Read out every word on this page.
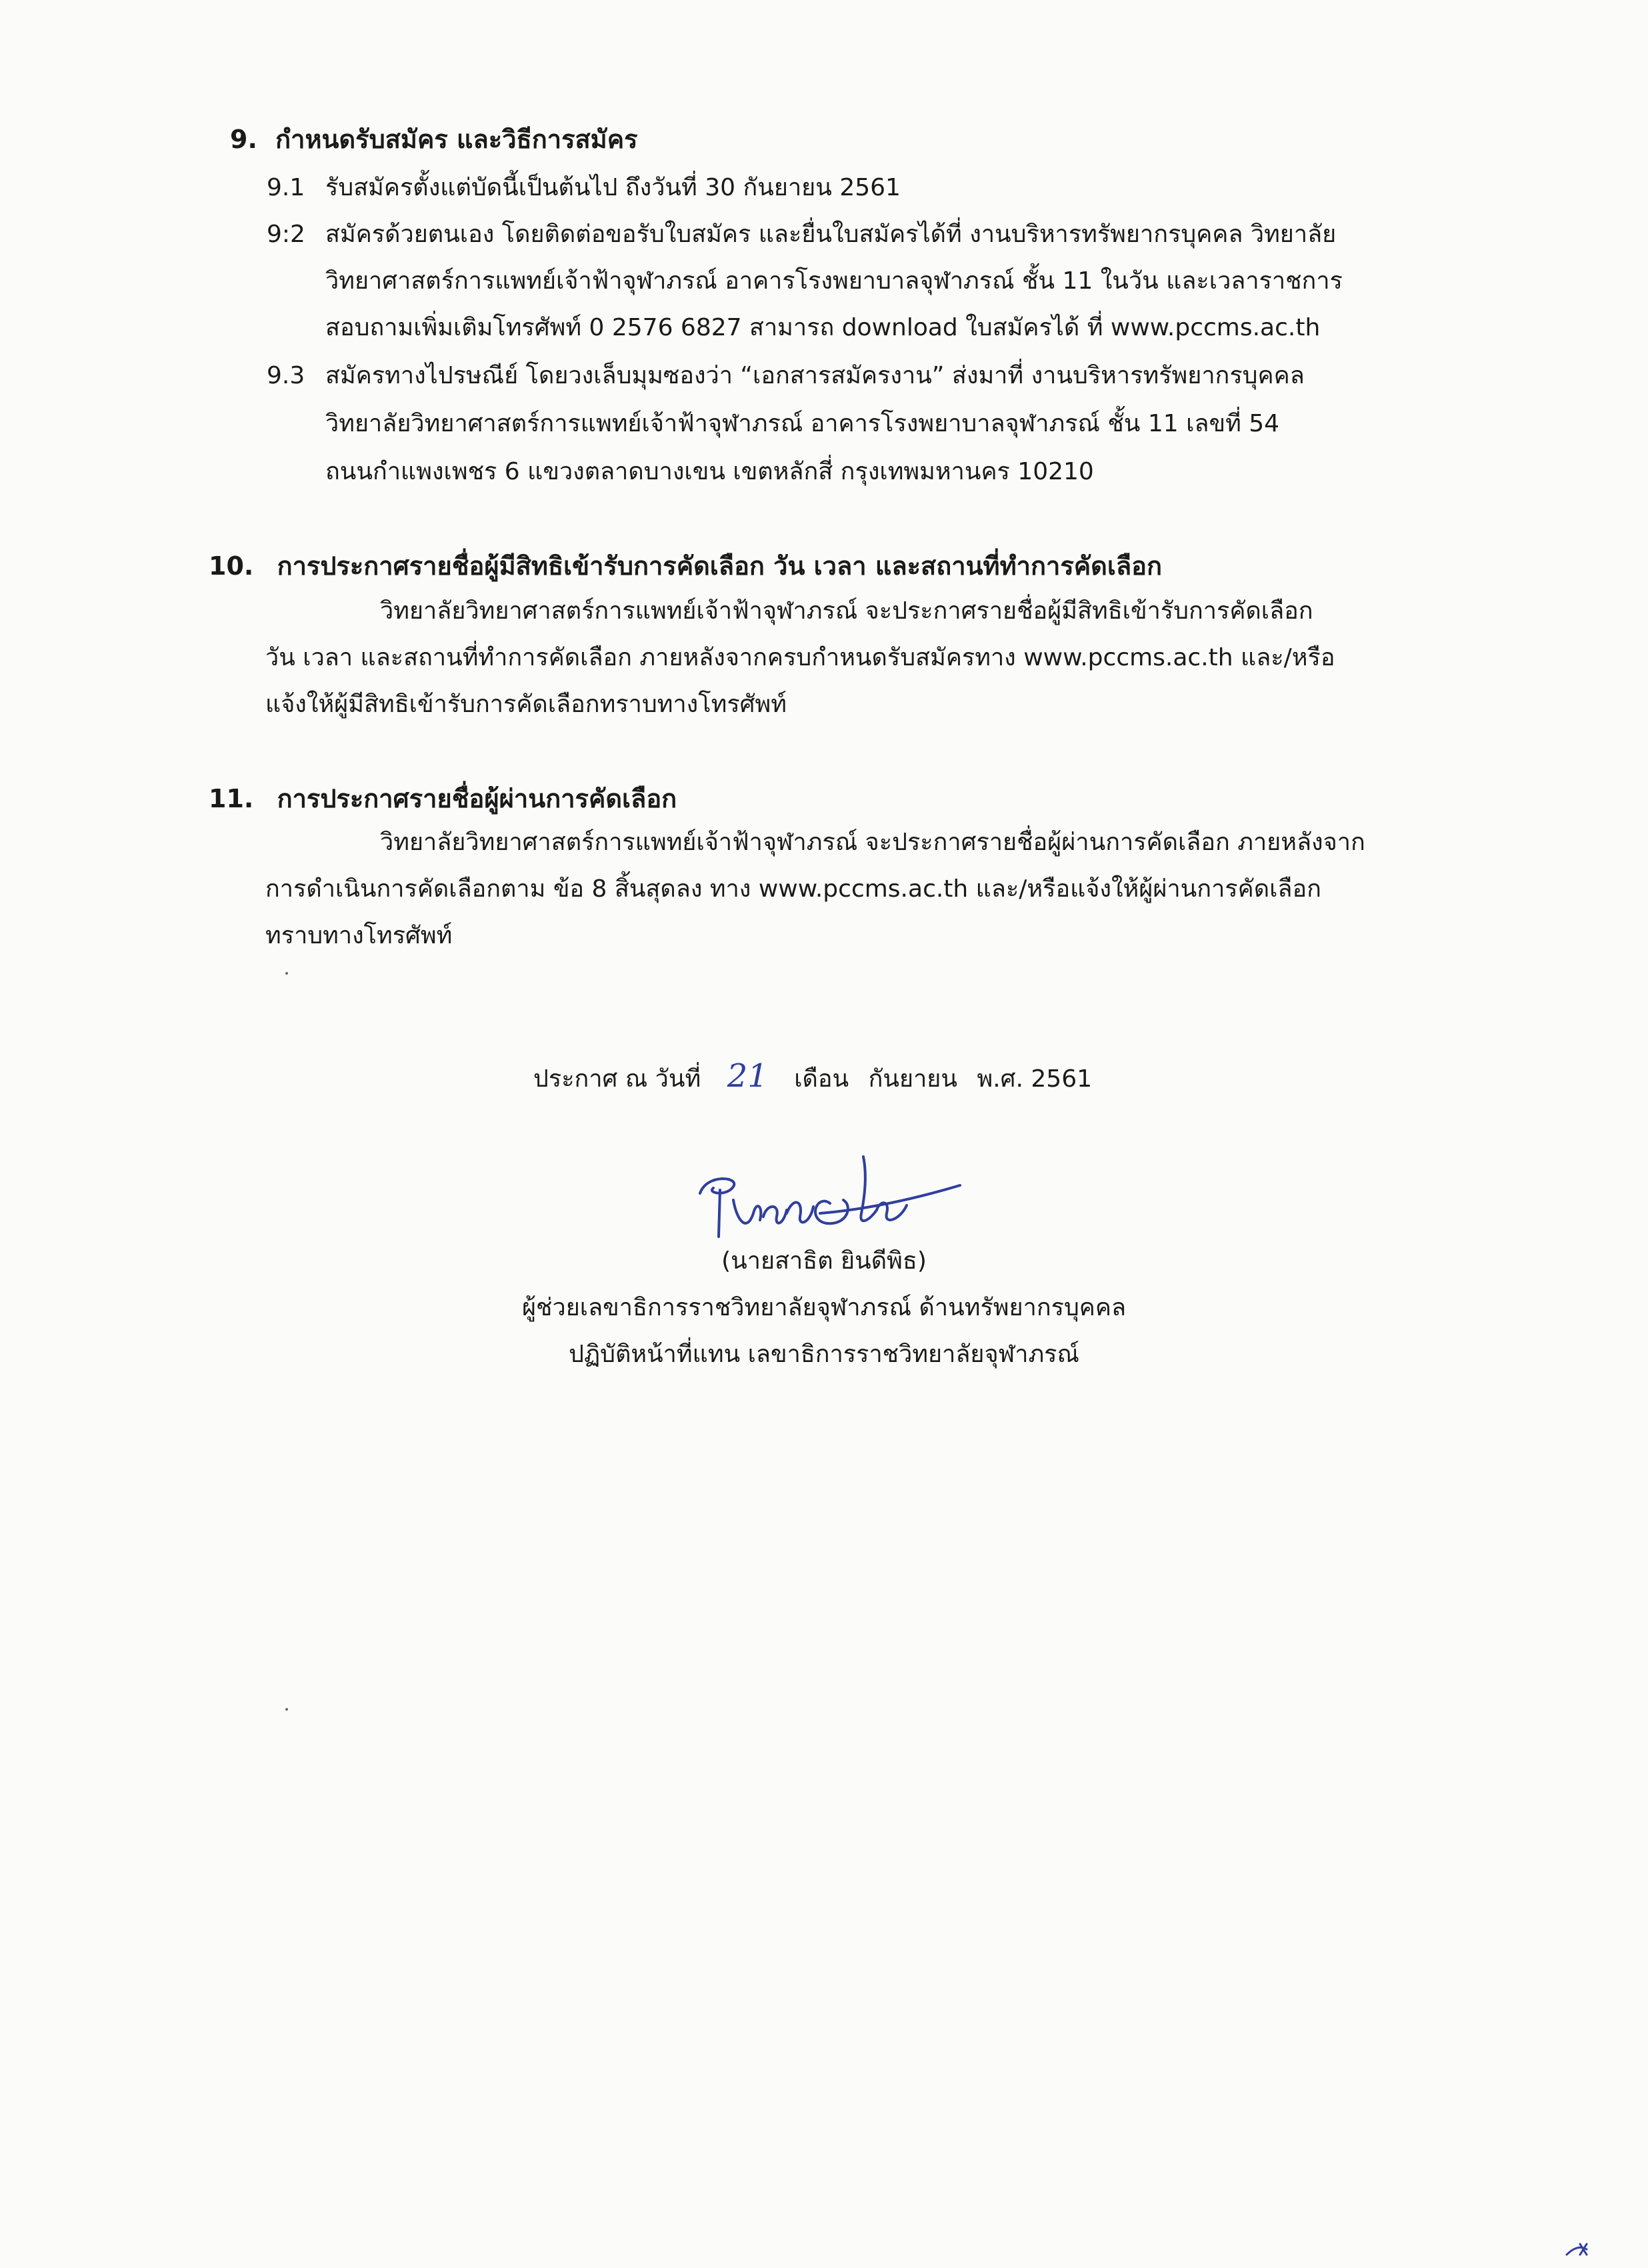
9. กำหนดรับสมัคร และวิธีการสมัคร
9.1 รับสมัครตั้งแต่บัดนี้เป็นต้นไป ถึงวันที่ 30 กันยายน 2561
9:2 สมัครด้วยตนเอง โดยติดต่อขอรับใบสมัคร และยื่นใบสมัครได้ที่ งานบริหารทรัพยากรบุคคล วิทยาลัย
วิทยาศาสตร์การแพทย์เจ้าฟ้าจุฬาภรณ์ อาคารโรงพยาบาลจุฬาภรณ์ ชั้น 11 ในวัน และเวลาราชการ
สอบถามเพิ่มเติมโทรศัพท์ 0 2576 6827 สามารถ download ใบสมัครได้ ที่ www.pccms.ac.th
9.3 สมัครทางไปรษณีย์ โดยวงเล็บมุมซองว่า “เอกสารสมัครงาน” ส่งมาที่ งานบริหารทรัพยากรบุคคล
วิทยาลัยวิทยาศาสตร์การแพทย์เจ้าฟ้าจุฬาภรณ์ อาคารโรงพยาบาลจุฬาภรณ์ ชั้น 11 เลขที่ 54
ถนนกำแพงเพชร 6 แขวงตลาดบางเขน เขตหลักสี่ กรุงเทพมหานคร 10210
10. การประกาศรายชื่อผู้มีสิทธิเข้ารับการคัดเลือก วัน เวลา และสถานที่ทำการคัดเลือก
วิทยาลัยวิทยาศาสตร์การแพทย์เจ้าฟ้าจุฬาภรณ์ จะประกาศรายชื่อผู้มีสิทธิเข้ารับการคัดเลือก
วัน เวลา และสถานที่ทำการคัดเลือก ภายหลังจากครบกำหนดรับสมัครทาง www.pccms.ac.th และ/หรือ
แจ้งให้ผู้มีสิทธิเข้ารับการคัดเลือกทราบทางโทรศัพท์
11. การประกาศรายชื่อผู้ผ่านการคัดเลือก
วิทยาลัยวิทยาศาสตร์การแพทย์เจ้าฟ้าจุฬาภรณ์ จะประกาศรายชื่อผู้ผ่านการคัดเลือก ภายหลังจาก
การดำเนินการคัดเลือกตาม ข้อ 8 สิ้นสุดลง ทาง www.pccms.ac.th และ/หรือแจ้งให้ผู้ผ่านการคัดเลือก
ทราบทางโทรศัพท์
ประกาศ ณ วันที่ 21 เดือน กันยายน พ.ศ. 2561
(นายสาธิต ยินดีพิธ)
ผู้ช่วยเลขาธิการราชวิทยาลัยจุฬาภรณ์ ด้านทรัพยากรบุคคล
ปฏิบัติหน้าที่แทน เลขาธิการราชวิทยาลัยจุฬาภรณ์
